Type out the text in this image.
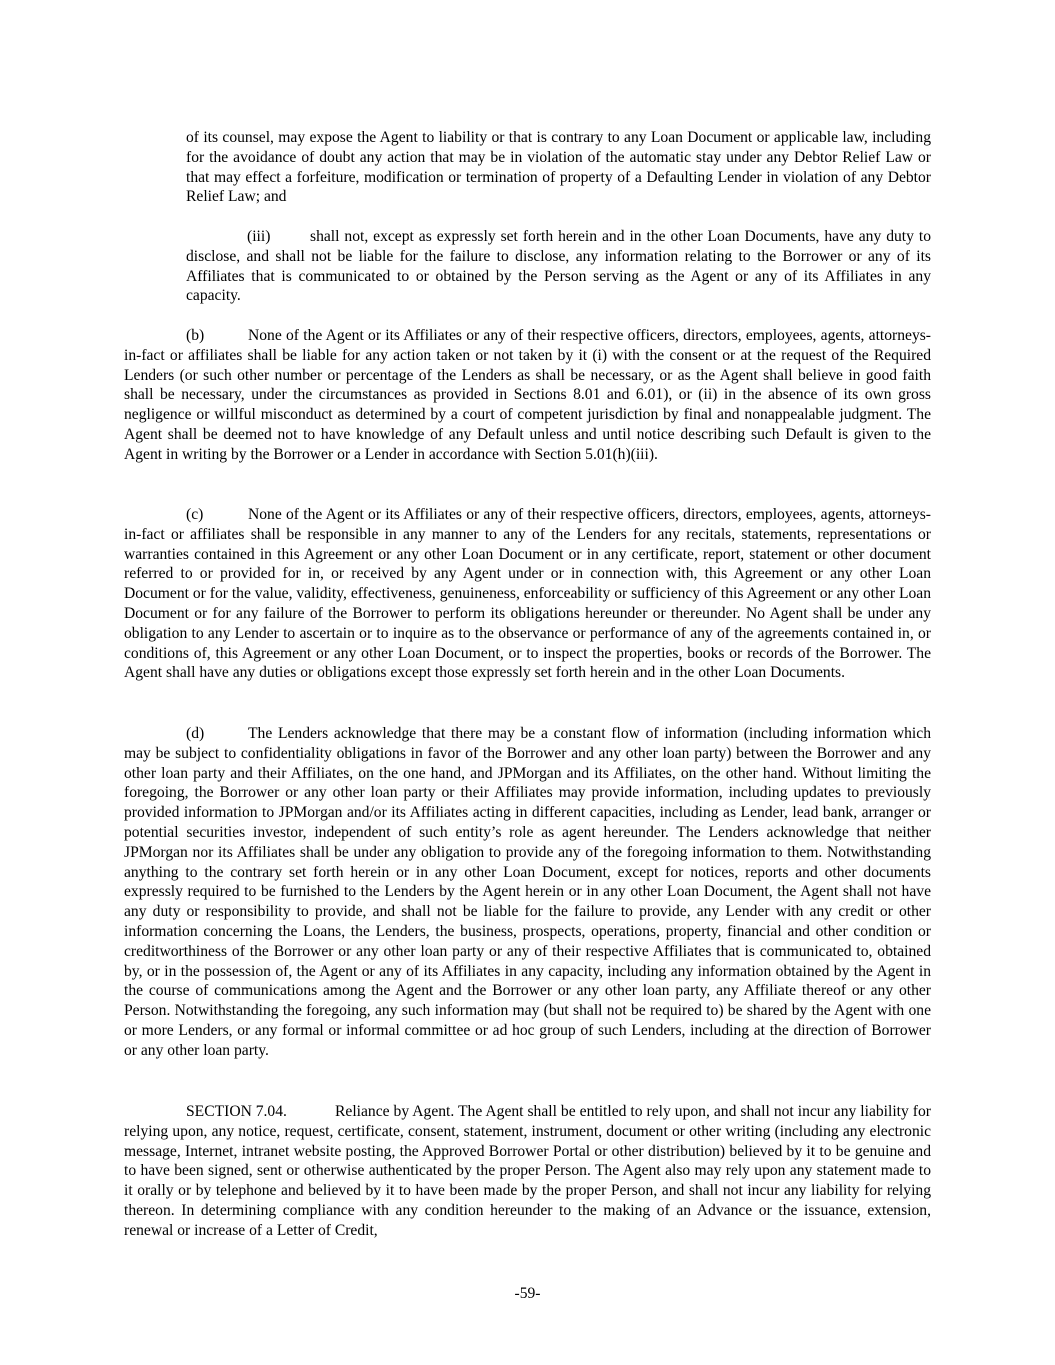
of its counsel, may expose the Agent to liability or that is contrary to any Loan Document or applicable law, including for the avoidance of doubt any action that may be in violation of the automatic stay under any Debtor Relief Law or that may effect a forfeiture, modification or termination of property of a Defaulting Lender in violation of any Debtor Relief Law; and

(iii)	shall not, except as expressly set forth herein and in the other Loan Documents, have any duty to disclose, and shall not be liable for the failure to disclose, any information relating to the Borrower or any of its Affiliates that is communicated to or obtained by the Person serving as the Agent or any of its Affiliates in any capacity.

(b)	None of the Agent or its Affiliates or any of their respective officers, directors, employees, agents, attorneys-in-fact or affiliates shall be liable for any action taken or not taken by it (i) with the consent or at the request of the Required Lenders (or such other number or percentage of the Lenders as shall be necessary, or as the Agent shall believe in good faith shall be necessary, under the circumstances as provided in Sections 8.01 and 6.01), or (ii) in the absence of its own gross negligence or willful misconduct as determined by a court of competent jurisdiction by final and nonappealable judgment. The Agent shall be deemed not to have knowledge of any Default unless and until notice describing such Default is given to the Agent in writing by the Borrower or a Lender in accordance with Section 5.01(h)(iii).

(c)	None of the Agent or its Affiliates or any of their respective officers, directors, employees, agents, attorneys-in-fact or affiliates shall be responsible in any manner to any of the Lenders for any recitals, statements, representations or warranties contained in this Agreement or any other Loan Document or in any certificate, report, statement or other document referred to or provided for in, or received by any Agent under or in connection with, this Agreement or any other Loan Document or for the value, validity, effectiveness, genuineness, enforceability or sufficiency of this Agreement or any other Loan Document or for any failure of the Borrower to perform its obligations hereunder or thereunder. No Agent shall be under any obligation to any Lender to ascertain or to inquire as to the observance or performance of any of the agreements contained in, or conditions of, this Agreement or any other Loan Document, or to inspect the properties, books or records of the Borrower. The Agent shall have any duties or obligations except those expressly set forth herein and in the other Loan Documents.

(d)	The Lenders acknowledge that there may be a constant flow of information (including information which may be subject to confidentiality obligations in favor of the Borrower and any other loan party) between the Borrower and any other loan party and their Affiliates, on the one hand, and JPMorgan and its Affiliates, on the other hand. Without limiting the foregoing, the Borrower or any other loan party or their Affiliates may provide information, including updates to previously provided information to JPMorgan and/or its Affiliates acting in different capacities, including as Lender, lead bank, arranger or potential securities investor, independent of such entity’s role as agent hereunder. The Lenders acknowledge that neither JPMorgan nor its Affiliates shall be under any obligation to provide any of the foregoing information to them. Notwithstanding anything to the contrary set forth herein or in any other Loan Document, except for notices, reports and other documents expressly required to be furnished to the Lenders by the Agent herein or in any other Loan Document, the Agent shall not have any duty or responsibility to provide, and shall not be liable for the failure to provide, any Lender with any credit or other information concerning the Loans, the Lenders, the business, prospects, operations, property, financial and other condition or creditworthiness of the Borrower or any other loan party or any of their respective Affiliates that is communicated to, obtained by, or in the possession of, the Agent or any of its Affiliates in any capacity, including any information obtained by the Agent in the course of communications among the Agent and the Borrower or any other loan party, any Affiliate thereof or any other Person. Notwithstanding the foregoing, any such information may (but shall not be required to) be shared by the Agent with one or more Lenders, or any formal or informal committee or ad hoc group of such Lenders, including at the direction of Borrower or any other loan party.

SECTION 7.04.	Reliance by Agent. The Agent shall be entitled to rely upon, and shall not incur any liability for relying upon, any notice, request, certificate, consent, statement, instrument, document or other writing (including any electronic message, Internet, intranet website posting, the Approved Borrower Portal or other distribution) believed by it to be genuine and to have been signed, sent or otherwise authenticated by the proper Person. The Agent also may rely upon any statement made to it orally or by telephone and believed by it to have been made by the proper Person, and shall not incur any liability for relying thereon. In determining compliance with any condition hereunder to the making of an Advance or the issuance, extension, renewal or increase of a Letter of Credit,

-59-
